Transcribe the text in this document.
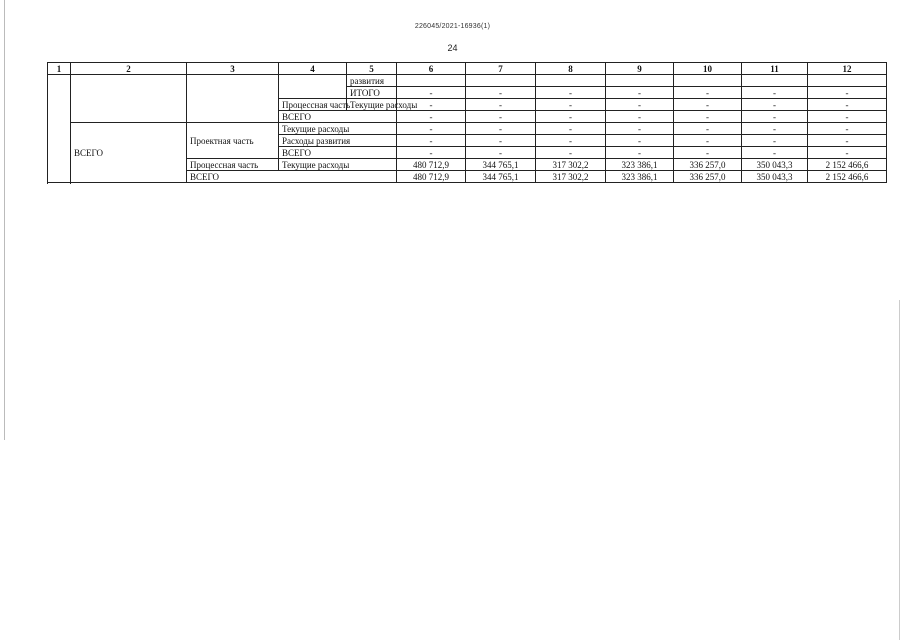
226045/2021-16936(1)
24
1	2	3	4	5	6	7	8	9	10	11	12
				развития							
				ИТОГО	-	-	-	-	-	-	-
			Процессная часть	Текущие расходы	-	-	-	-	-	-	-
			ВСЕГО		-	-	-	-	-	-	-
	ВСЕГО	Проектная часть	Текущие расходы		-	-	-	-	-	-	-
			Расходы развития		-	-	-	-	-	-	-
			ВСЕГО		-	-	-	-	-	-	-
		Процессная часть	Текущие расходы		480 712,9	344 765,1	317 302,2	323 386,1	336 257,0	350 043,3	2 152 466,6
		ВСЕГО			480 712,9	344 765,1	317 302,2	323 386,1	336 257,0	350 043,3	2 152 466,6
